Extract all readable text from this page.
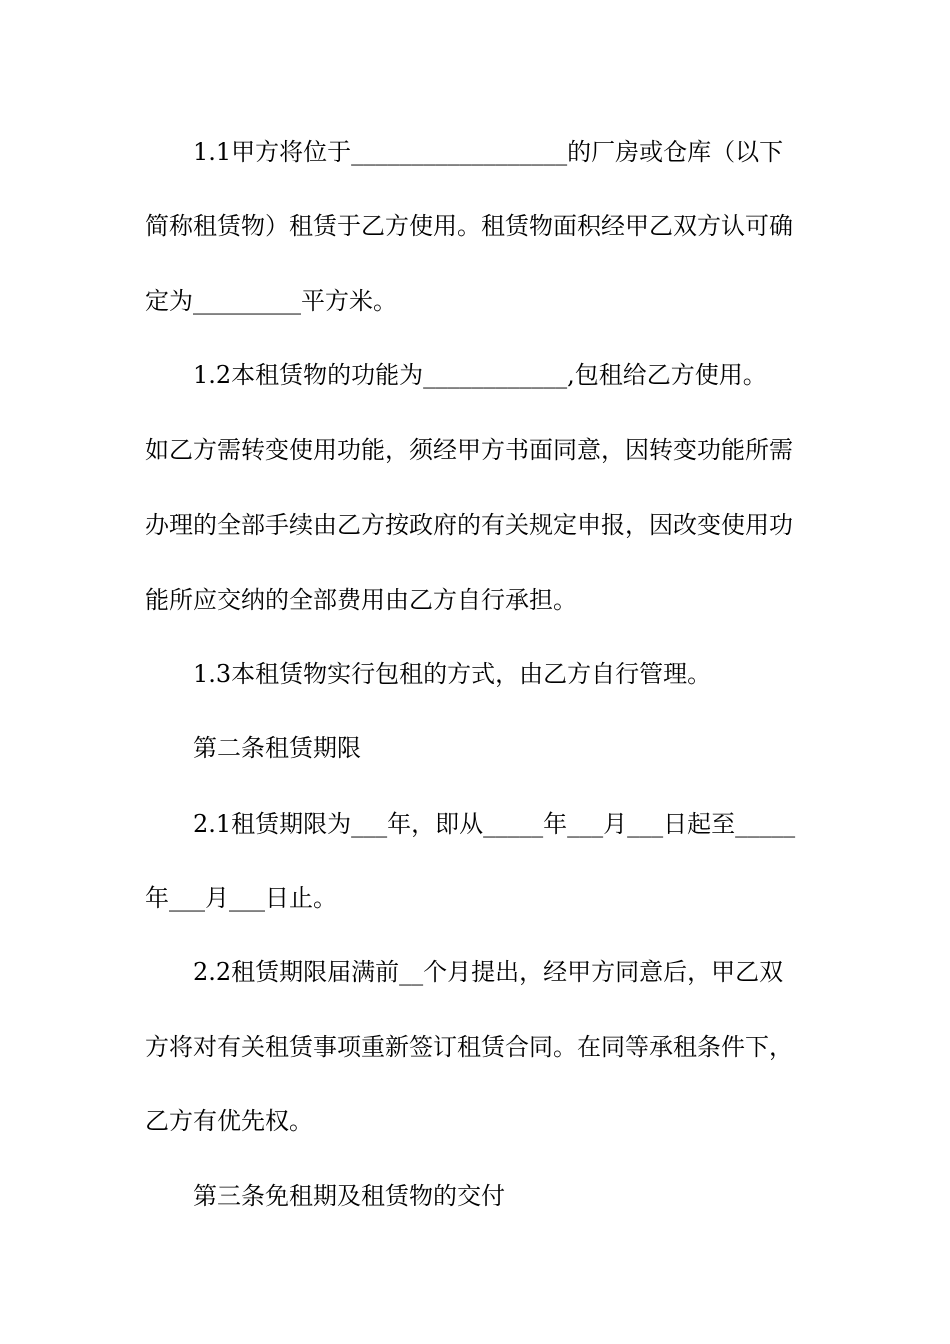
1.1甲方将位于__________________的厂房或仓库（以下
简称租赁物）租赁于乙方使用。租赁物面积经甲乙双方认可确
定为_________平方米。
1.2本租赁物的功能为____________,包租给乙方使用。
如乙方需转变使用功能，须经甲方书面同意，因转变功能所需
办理的全部手续由乙方按政府的有关规定申报，因改变使用功
能所应交纳的全部费用由乙方自行承担。
1.3本租赁物实行包租的方式，由乙方自行管理。
第二条租赁期限
2.1租赁期限为___年，即从_____年___月___日起至_____
年___月___日止。
2.2租赁期限届满前__个月提出，经甲方同意后，甲乙双
方将对有关租赁事项重新签订租赁合同。在同等承租条件下，
乙方有优先权。
第三条免租期及租赁物的交付
